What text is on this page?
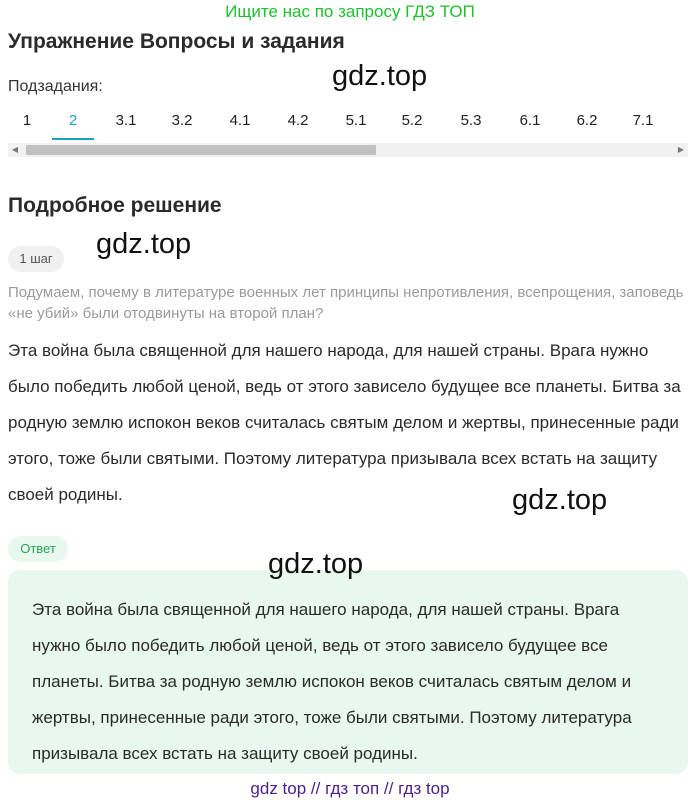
Ищите нас по запросу ГДЗ ТОП
Упражнение Вопросы и задания
Подзадания:
1	2	3.1	3.2	4.1	4.2	5.1	5.2	5.3	6.1	6.2	7.1
◀	▶
Подробное решение
1 шаг
Подумаем, почему в литературе военных лет принципы непротивления, всепрощения, заповедь «не убий» были отодвинуты на второй план?
Эта война была священной для нашего народа, для нашей страны. Врага нужно было победить любой ценой, ведь от этого зависело будущее все планеты. Битва за родную землю испокон веков считалась святым делом и жертвы, принесенные ради этого, тоже были святыми. Поэтому литература призывала всех встать на защиту своей родины.
Ответ
Эта война была священной для нашего народа, для нашей страны. Врага нужно было победить любой ценой, ведь от этого зависело будущее все планеты. Битва за родную землю испокон веков считалась святым делом и жертвы, принесенные ради этого, тоже были святыми. Поэтому литература призывала всех встать на защиту своей родины.
gdz.top
gdz.top
gdz.top
gdz.top
gdz top // гдз топ // гдз top
